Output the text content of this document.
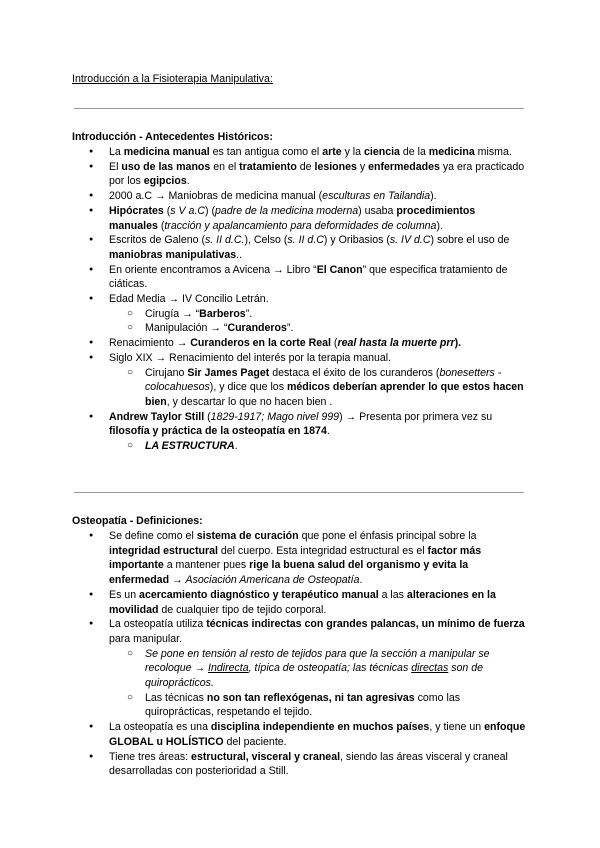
Introducción a la Fisioterapia Manipulativa:
Introducción - Antecedentes Históricos:
● La medicina manual es tan antigua como el arte y la ciencia de la medicina misma.
● El uso de las manos en el tratamiento de lesiones y enfermedades ya era practicado por los egipcios.
● 2000 a.C → Maniobras de medicina manual (esculturas en Tailandia).
● Hipócrates (s V a.C) (padre de la medicina moderna) usaba procedimientos manuales (tracción y apalancamiento para deformidades de columna).
● Escritos de Galeno (s. II d.C.), Celso (s. II d.C) y Oribasios (s. IV d.C) sobre el uso de maniobras manipulativas..
● En oriente encontramos a Avicena → Libro “El Canon” que especifica tratamiento de ciáticas.
● Edad Media → IV Concilio Letrán.
○ Cirugía → “Barberos”.
○ Manipulación → “Curanderos”.
● Renacimiento → Curanderos en la corte Real (real hasta la muerte prr).
● Siglo XIX → Renacimiento del interés por la terapia manual.
○ Cirujano Sir James Paget destaca el éxito de los curanderos (bonesetters - colocahuesos), y dice que los médicos deberían aprender lo que estos hacen bien, y descartar lo que no hacen bien .
● Andrew Taylor Still (1829-1917; Mago nivel 999) → Presenta por primera vez su filosofía y práctica de la osteopatía en 1874.
○ LA ESTRUCTURA.
Osteopatía - Definiciones:
● Se define como el sistema de curación que pone el énfasis principal sobre la integridad estructural del cuerpo. Esta integridad estructural es el factor más importante a mantener pues rige la buena salud del organismo y evita la enfermedad → Asociación Americana de Osteopatía.
● Es un acercamiento diagnóstico y terapéutico manual a las alteraciones en la movilidad de cualquier tipo de tejido corporal.
● La osteopatía utiliza técnicas indirectas con grandes palancas, un mínimo de fuerza para manipular.
○ Se pone en tensión al resto de tejidos para que la sección a manipular se recoloque → Indirecta, típica de osteopatía; las técnicas directas son de quiroprácticos.
○ Las técnicas no son tan reflexógenas, ni tan agresivas como las quiroprácticas, respetando el tejido.
● La osteopatía es una disciplina independiente en muchos países, y tiene un enfoque GLOBAL u HOLÍSTICO del paciente.
● Tiene tres áreas: estructural, visceral y craneal, siendo las áreas visceral y craneal desarrolladas con posterioridad a Still.
